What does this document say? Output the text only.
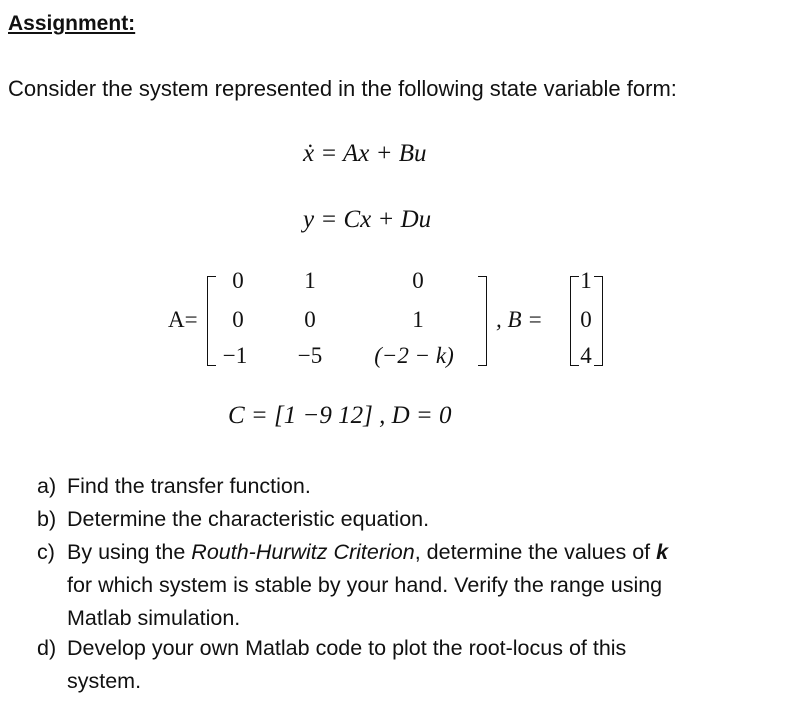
Assignment:
Consider the system represented in the following state variable form:
ẋ = Ax + Bu
y = Cx + Du
A=
0	1	0
0	0	1
−1	−5	(−2 − k)
, B =
1
0
4
C = [1 −9 12] , D = 0
a) Find the transfer function.
b) Determine the characteristic equation.
c) By using the Routh-Hurwitz Criterion, determine the values of k
for which system is stable by your hand. Verify the range using
Matlab simulation.
d) Develop your own Matlab code to plot the root-locus of this
system.
